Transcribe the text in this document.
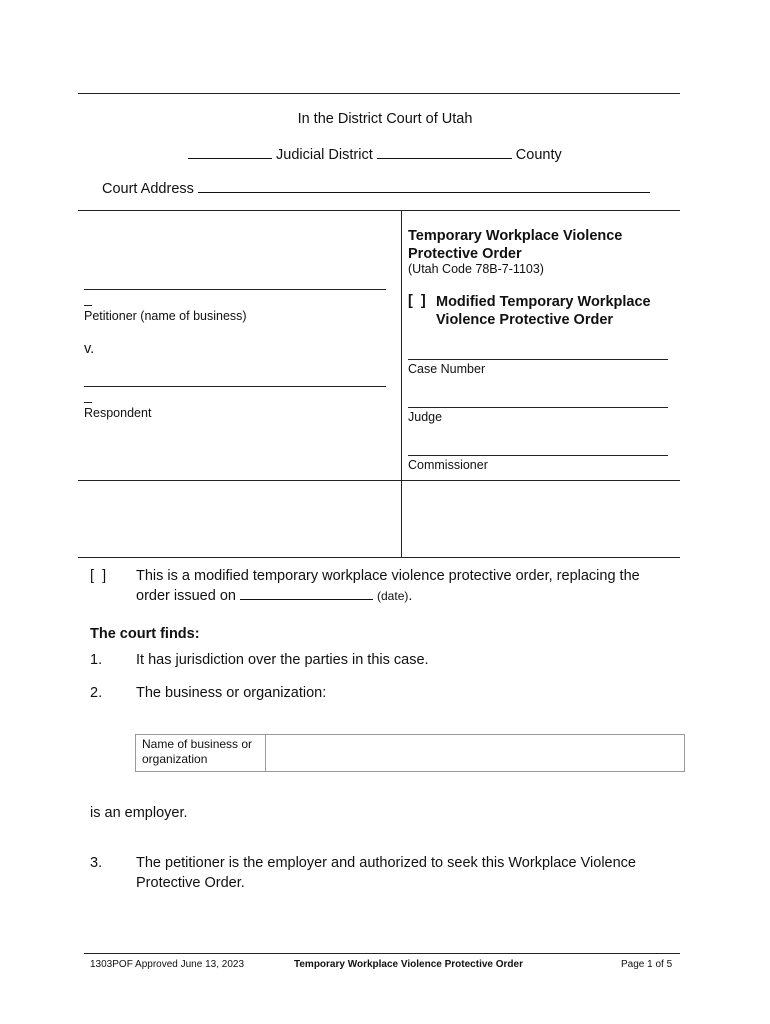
In the District Court of Utah
Judicial District	County
Court Address
Petitioner (name of business)
v.
Respondent
Temporary Workplace Violence Protective Order
(Utah Code 78B-7-1103)
[  ] Modified Temporary Workplace Violence Protective Order
Case Number
Judge
Commissioner
[  ] This is a modified temporary workplace violence protective order, replacing the
order issued on	(date).
The court finds:
1. It has jurisdiction over the parties in this case.
2. The business or organization:
Name of business or organization
is an employer.
3. The petitioner is the employer and authorized to seek this Workplace Violence
Protective Order.
1303POF Approved June 13, 2023	Temporary Workplace Violence Protective Order	Page 1 of 5
